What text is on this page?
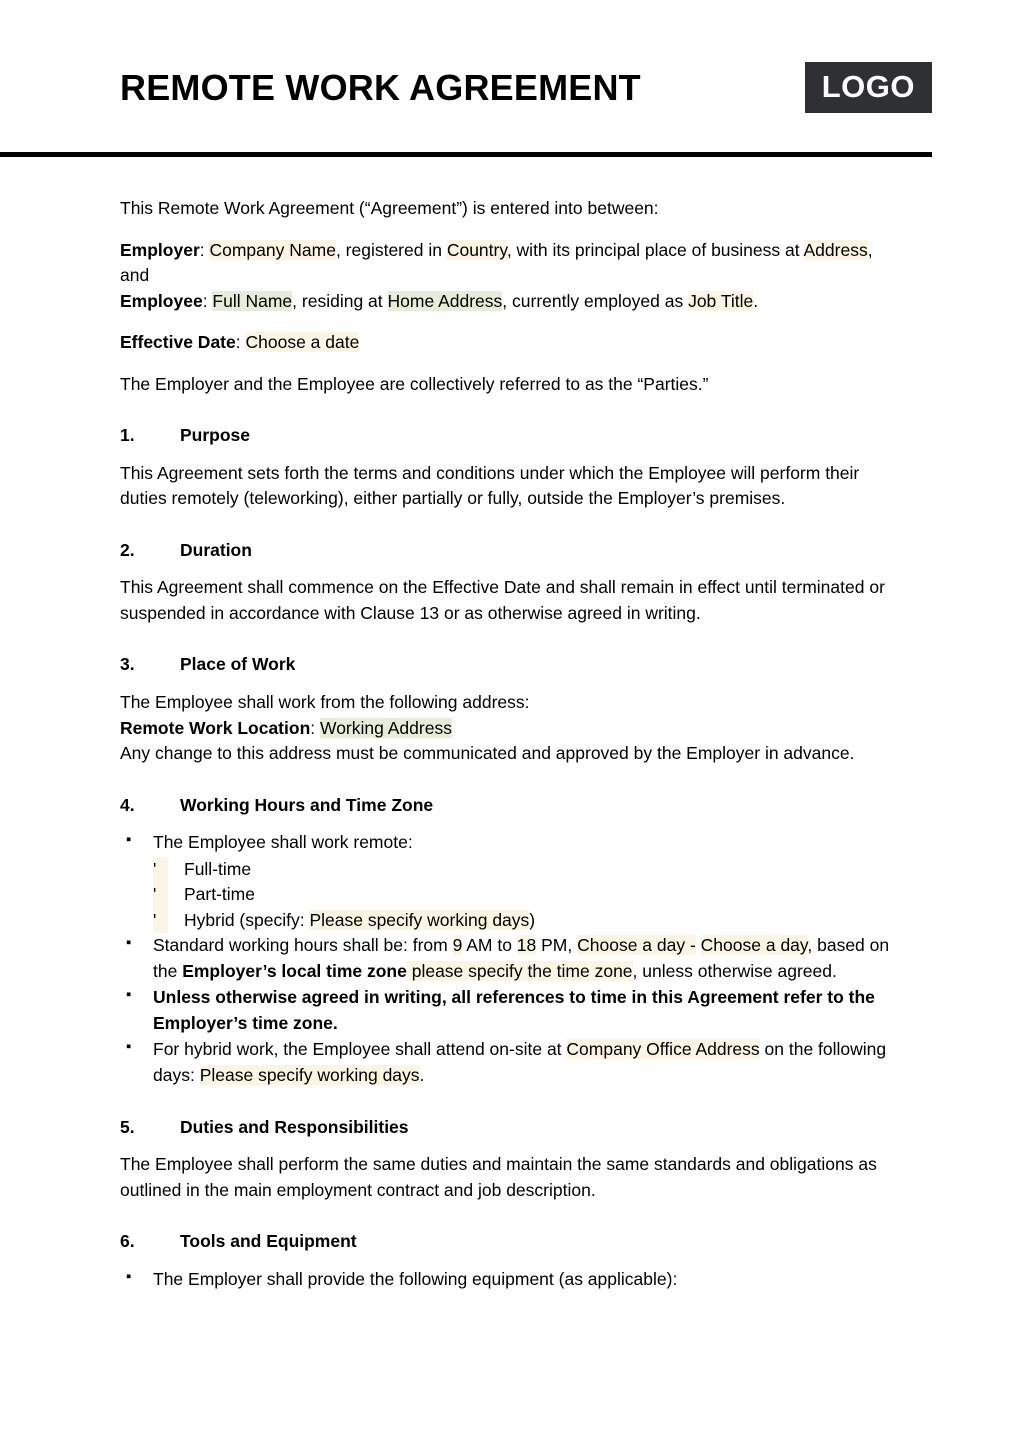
REMOTE WORK AGREEMENT	LOGO

This Remote Work Agreement (“Agreement”) is entered into between:

Employer: Company Name, registered in Country, with its principal place of business at Address,

and

Employee: Full Name, residing at Home Address, currently employed as Job Title.

Effective Date: Choose a date

The Employer and the Employee are collectively referred to as the “Parties.”

1.	Purpose

This Agreement sets forth the terms and conditions under which the Employee will perform their duties remotely (teleworking), either partially or fully, outside the Employer’s premises.

2.	Duration

This Agreement shall commence on the Effective Date and shall remain in effect until terminated or suspended in accordance with Clause 13 or as otherwise agreed in writing.

3.	Place of Work

The Employee shall work from the following address:

Remote Work Location: Working Address

Any change to this address must be communicated and approved by the Employer in advance.

4.	Working Hours and Time Zone
▪ The Employee shall work remote:
'	Full-time
'	Part-time
'	Hybrid (specify: Please specify working days)
▪ Standard working hours shall be: from 9 AM to 18 PM, Choose a day - Choose a day, based on the Employer’s local time zone please specify the time zone, unless otherwise agreed.
▪ Unless otherwise agreed in writing, all references to time in this Agreement refer to the Employer’s time zone.
▪ For hybrid work, the Employee shall attend on-site at Company Office Address on the following days: Please specify working days.
5.	Duties and Responsibilities

The Employee shall perform the same duties and maintain the same standards and obligations as outlined in the main employment contract and job description.

6.	Tools and Equipment
▪ The Employer shall provide the following equipment (as applicable):
